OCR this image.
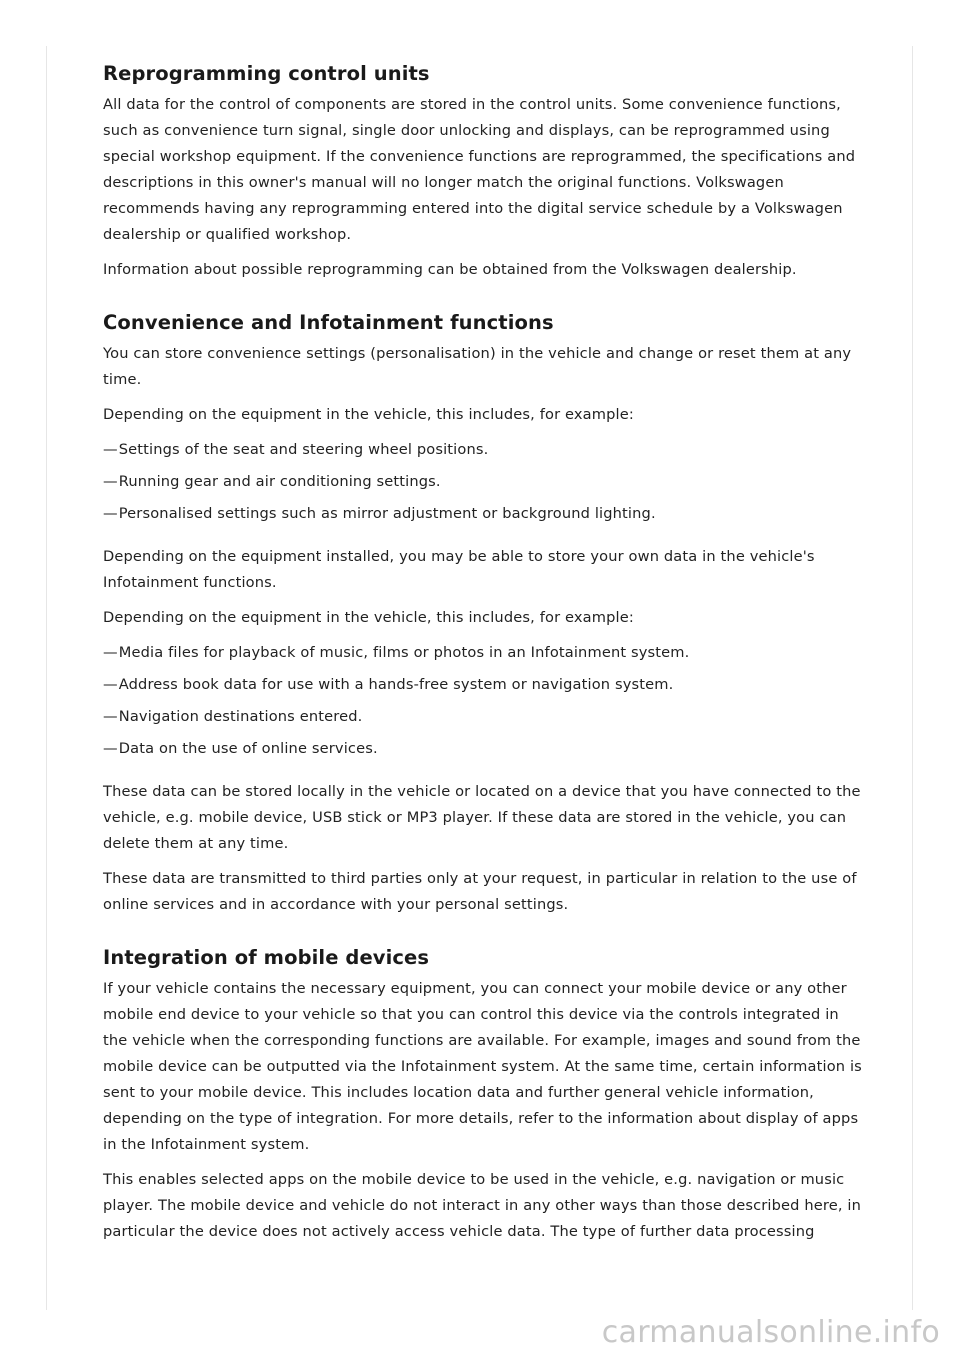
Reprogramming control units

All data for the control of components are stored in the control units. Some convenience functions, such as convenience turn signal, single door unlocking and displays, can be reprogrammed using special workshop equipment. If the convenience functions are reprogrammed, the specifications and descriptions in this owner's manual will no longer match the original functions. Volkswagen recommends having any reprogramming entered into the digital service schedule by a Volkswagen dealership or qualified workshop.

Information about possible reprogramming can be obtained from the Volkswagen dealership.

Convenience and Infotainment functions

You can store convenience settings (personalisation) in the vehicle and change or reset them at any time.

Depending on the equipment in the vehicle, this includes, for example:

—Settings of the seat and steering wheel positions.
—Running gear and air conditioning settings.
—Personalised settings such as mirror adjustment or background lighting.

Depending on the equipment installed, you may be able to store your own data in the vehicle's Infotainment functions.

Depending on the equipment in the vehicle, this includes, for example:

—Media files for playback of music, films or photos in an Infotainment system.
—Address book data for use with a hands-free system or navigation system.
—Navigation destinations entered.
—Data on the use of online services.

These data can be stored locally in the vehicle or located on a device that you have connected to the vehicle, e.g. mobile device, USB stick or MP3 player. If these data are stored in the vehicle, you can delete them at any time.

These data are transmitted to third parties only at your request, in particular in relation to the use of online services and in accordance with your personal settings.

Integration of mobile devices

If your vehicle contains the necessary equipment, you can connect your mobile device or any other mobile end device to your vehicle so that you can control this device via the controls integrated in the vehicle when the corresponding functions are available. For example, images and sound from the mobile device can be outputted via the Infotainment system. At the same time, certain information is sent to your mobile device. This includes location data and further general vehicle information, depending on the type of integration. For more details, refer to the information about display of apps in the Infotainment system.

This enables selected apps on the mobile device to be used in the vehicle, e.g. navigation or music player. The mobile device and vehicle do not interact in any other ways than those described here, in particular the device does not actively access vehicle data. The type of further data processing

carmanualsonline.info
